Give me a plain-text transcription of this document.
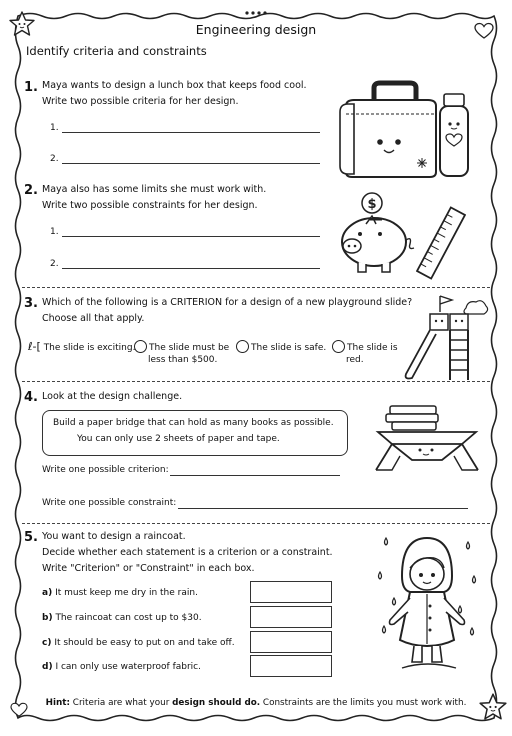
Engineering design
Identify criteria and constraints
1. Maya wants to design a lunch box that keeps food cool.
Write two possible criteria for her design.
1.
2.
2. Maya also has some limits she must work with.
Write two possible constraints for her design.
1.
2.
$
3. Which of the following is a CRITERION for a design of a new playground slide?
Choose all that apply.
ℓ-[ The slide is exciting.	The slide must be
less than $500.
The slide is safe.	The slide is
red.
4. Look at the design challenge.
Build a paper bridge that can hold as many books as possible.
You can only use 2 sheets of paper and tape.
Write one possible criterion:
Write one possible constraint:
5. You want to design a raincoat.
Decide whether each statement is a criterion or a constraint.
Write "Criterion" or "Constraint" in each box.
a) It must keep me dry in the rain.
b) The raincoat can cost up to $30.
c) It should be easy to put on and take off.
d) I can only use waterproof fabric.
Hint: Criteria are what your design should do. Constraints are the limits you must work with.
